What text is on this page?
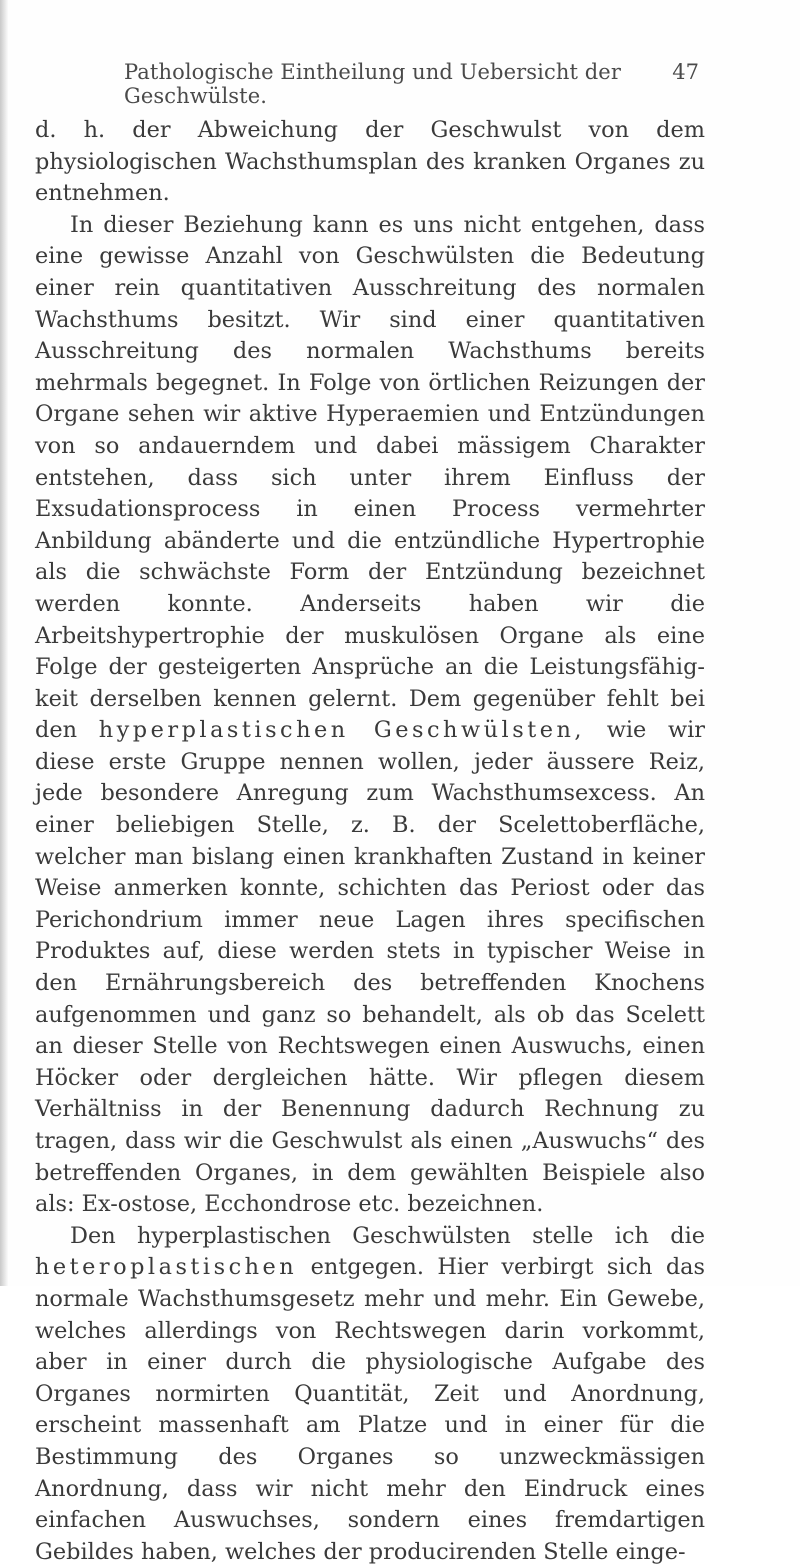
Pathologische Eintheilung und Uebersicht der Geschwülste.
47

d. h. der Abweichung der Geschwulst von dem physiologischen Wachsthumsplan des kranken Organes zu entnehmen.

In dieser Beziehung kann es uns nicht entgehen, dass eine gewisse Anzahl von Geschwülsten die Bedeutung einer rein quantitativen Ausschreitung des normalen Wachsthums besitzt. Wir sind einer quantitativen Ausschreitung des normalen Wachsthums bereits mehrmals begegnet. In Folge von örtlichen Reizungen der Organe sehen wir aktive Hyperaemien und Entzündungen von so andauerndem und dabei mässigem Charakter entstehen, dass sich unter ihrem Einfluss der Exsudationsprocess in einen Process vermehrter Anbildung abänderte und die entzündliche Hypertrophie als die schwächste Form der Entzündung bezeichnet werden konnte. Anderseits haben wir die Arbeitshypertrophie der muskulösen Organe als eine Folge der gesteigerten Ansprüche an die Leistungsfähigkeit derselben kennen gelernt. Dem gegenüber fehlt bei den hyperplastischen Geschwülsten, wie wir diese erste Gruppe nennen wollen, jeder äussere Reiz, jede besondere Anregung zum Wachsthumsexcess. An einer beliebigen Stelle, z. B. der Scelettoberfläche, welcher man bislang einen krankhaften Zustand in keiner Weise anmerken konnte, schichten das Periost oder das Perichondrium immer neue Lagen ihres specifischen Produktes auf, diese werden stets in typischer Weise in den Ernährungsbereich des betreffenden Knochens aufgenommen und ganz so behandelt, als ob das Scelett an dieser Stelle von Rechtswegen einen Auswuchs, einen Höcker oder dergleichen hätte. Wir pflegen diesem Verhältniss in der Benennung dadurch Rechnung zu tragen, dass wir die Geschwulst als einen „Auswuchs“ des betreffenden Organes, in dem gewählten Beispiele also als: Ex-ostose, Ecchondrose etc. bezeichnen.

Den hyperplastischen Geschwülsten stelle ich die heteroplastischen entgegen. Hier verbirgt sich das normale Wachsthumsgesetz mehr und mehr. Ein Gewebe, welches allerdings von Rechtswegen darin vorkommt, aber in einer durch die physiologische Aufgabe des Organes normirten Quantität, Zeit und Anordnung, erscheint massenhaft am Platze und in einer für die Bestimmung des Organes so unzweckmässigen Anordnung, dass wir nicht mehr den Eindruck eines einfachen Auswuchses, sondern eines fremdartigen Gebildes haben, welches der producirenden Stelle einge-
